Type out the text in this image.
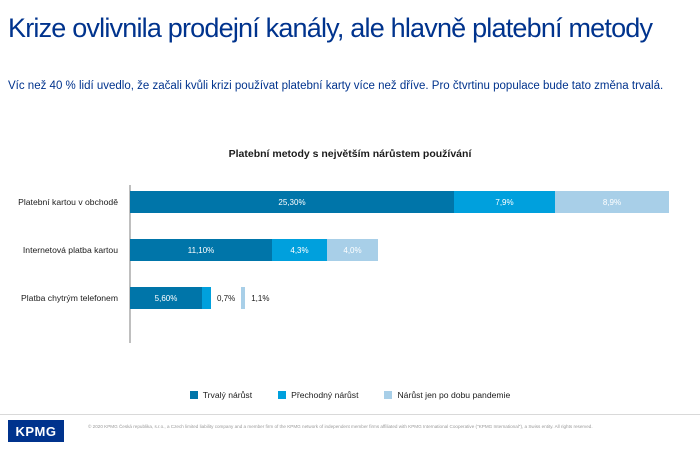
Krize ovlivnila prodejní kanály, ale hlavně platební metody
Víc než 40 % lidí uvedlo, že začali kvůli krizi používat platební karty více než dříve. Pro čtvrtinu populace bude tato změna trvalá.
Platební metody s největším nárůstem používání
Platební kartou v obchodě	25,30%	7,9%	8,9%
Internetová platba kartou	11,10%	4,3%	4,0%
Platba chytrým telefonem	5,60%	0,7% 1,1%
Trvalý nárůst	Přechodný nárůst	Nárůst jen po dobu pandemie
KPMG	© 2020 KPMG Česká republika, s.r.o., a Czech limited liability company and a member firm of the KPMG network of independent member firms affiliated with KPMG International Cooperative ("KPMG International"), a Swiss entity. All rights reserved.
